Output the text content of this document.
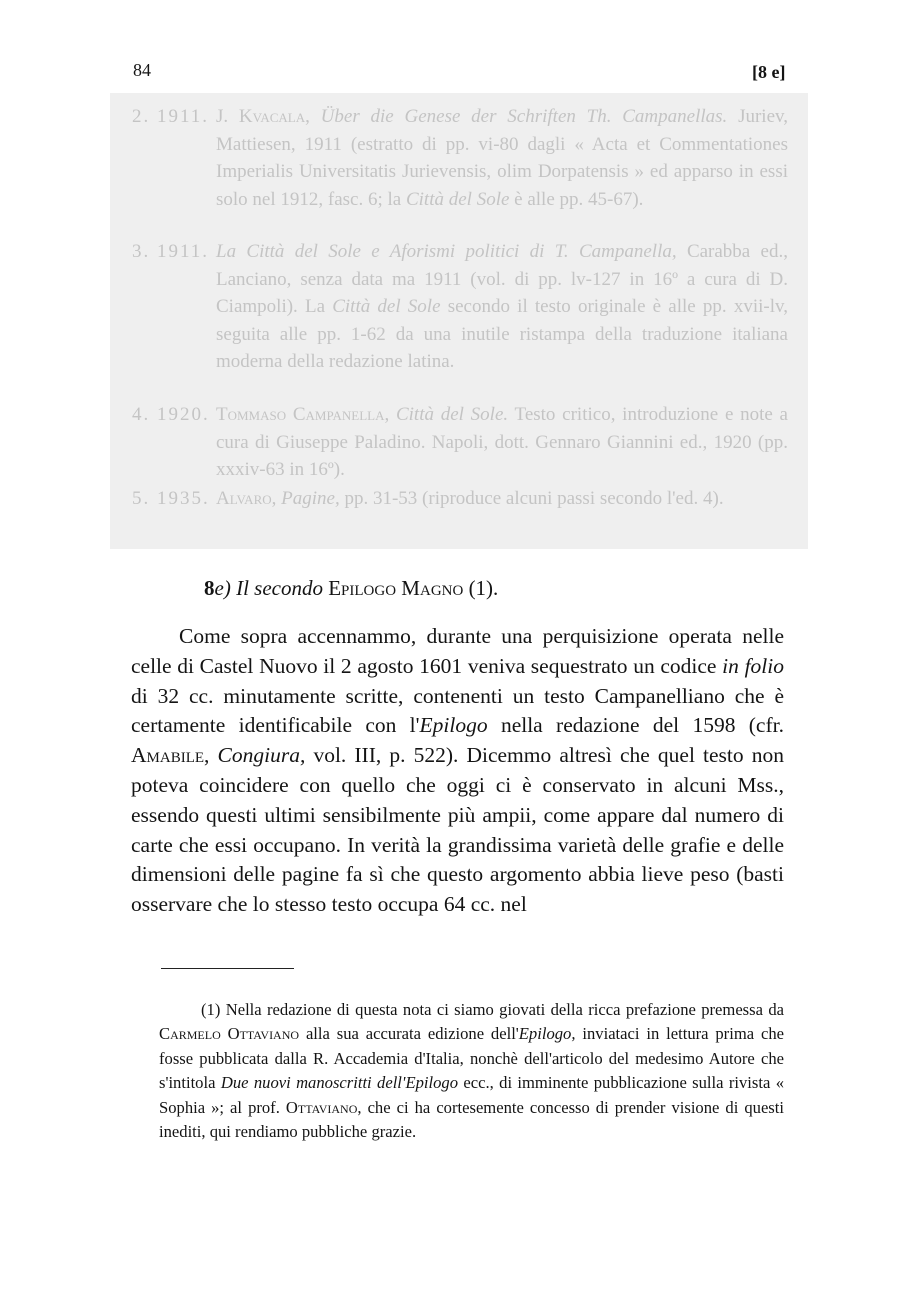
84	[8 e]
2. 1911. J. Kvacala, Über die Genese der Schriften Th. Campanellas. Juriev, Mattiesen, 1911 (estratto di pp. vi-80 dagli « Acta et Commentationes Imperialis Universitatis Jurievensis, olim Dorpatensis » ed apparso in essi solo nel 1912, fasc. 6; la Città del Sole è alle pp. 45-67).
3. 1911. La Città del Sole e Aforismi politici di T. Campanella, Carabba ed., Lanciano, senza data ma 1911 (vol. di pp. lv-127 in 16º a cura di D. Ciampoli). La Città del Sole secondo il testo originale è alle pp. xvii-lv, seguita alle pp. 1-62 da una inutile ristampa della traduzione italiana moderna della redazione latina.
4. 1920. Tommaso Campanella, Città del Sole. Testo critico, introduzione e note a cura di Giuseppe Paladino. Napoli, dott. Gennaro Giannini ed., 1920 (pp. xxxiv-63 in 16º).
5. 1935. Alvaro, Pagine, pp. 31-53 (riproduce alcuni passi secondo l'ed. 4).
8e) Il secondo Epilogo Magno (1).

Come sopra accennammo, durante una perquisizione operata nelle celle di Castel Nuovo il 2 agosto 1601 veniva sequestrato un codice in folio di 32 cc. minutamente scritte, contenenti un testo Campanelliano che è certamente identificabile con l'Epilogo nella redazione del 1598 (cfr. Amabile, Congiura, vol. III, p. 522). Dicemmo altresì che quel testo non poteva coincidere con quello che oggi ci è conservato in alcuni Mss., essendo questi ultimi sensibilmente più ampii, come appare dal numero di carte che essi occupano. In verità la grandissima varietà delle grafie e delle dimensioni delle pagine fa sì che questo argomento abbia lieve peso (basti osservare che lo stesso testo occupa 64 cc. nel

(1) Nella redazione di questa nota ci siamo giovati della ricca prefazione premessa da Carmelo Ottaviano alla sua accurata edizione dell'Epilogo, inviataci in lettura prima che fosse pubblicata dalla R. Accademia d'Italia, nonchè dell'articolo del medesimo Autore che s'intitola Due nuovi manoscritti dell'Epilogo ecc., di imminente pubblicazione sulla rivista « Sophia »; al prof. Ottaviano, che ci ha cortesemente concesso di prender visione di questi inediti, qui rendiamo pubbliche grazie.
